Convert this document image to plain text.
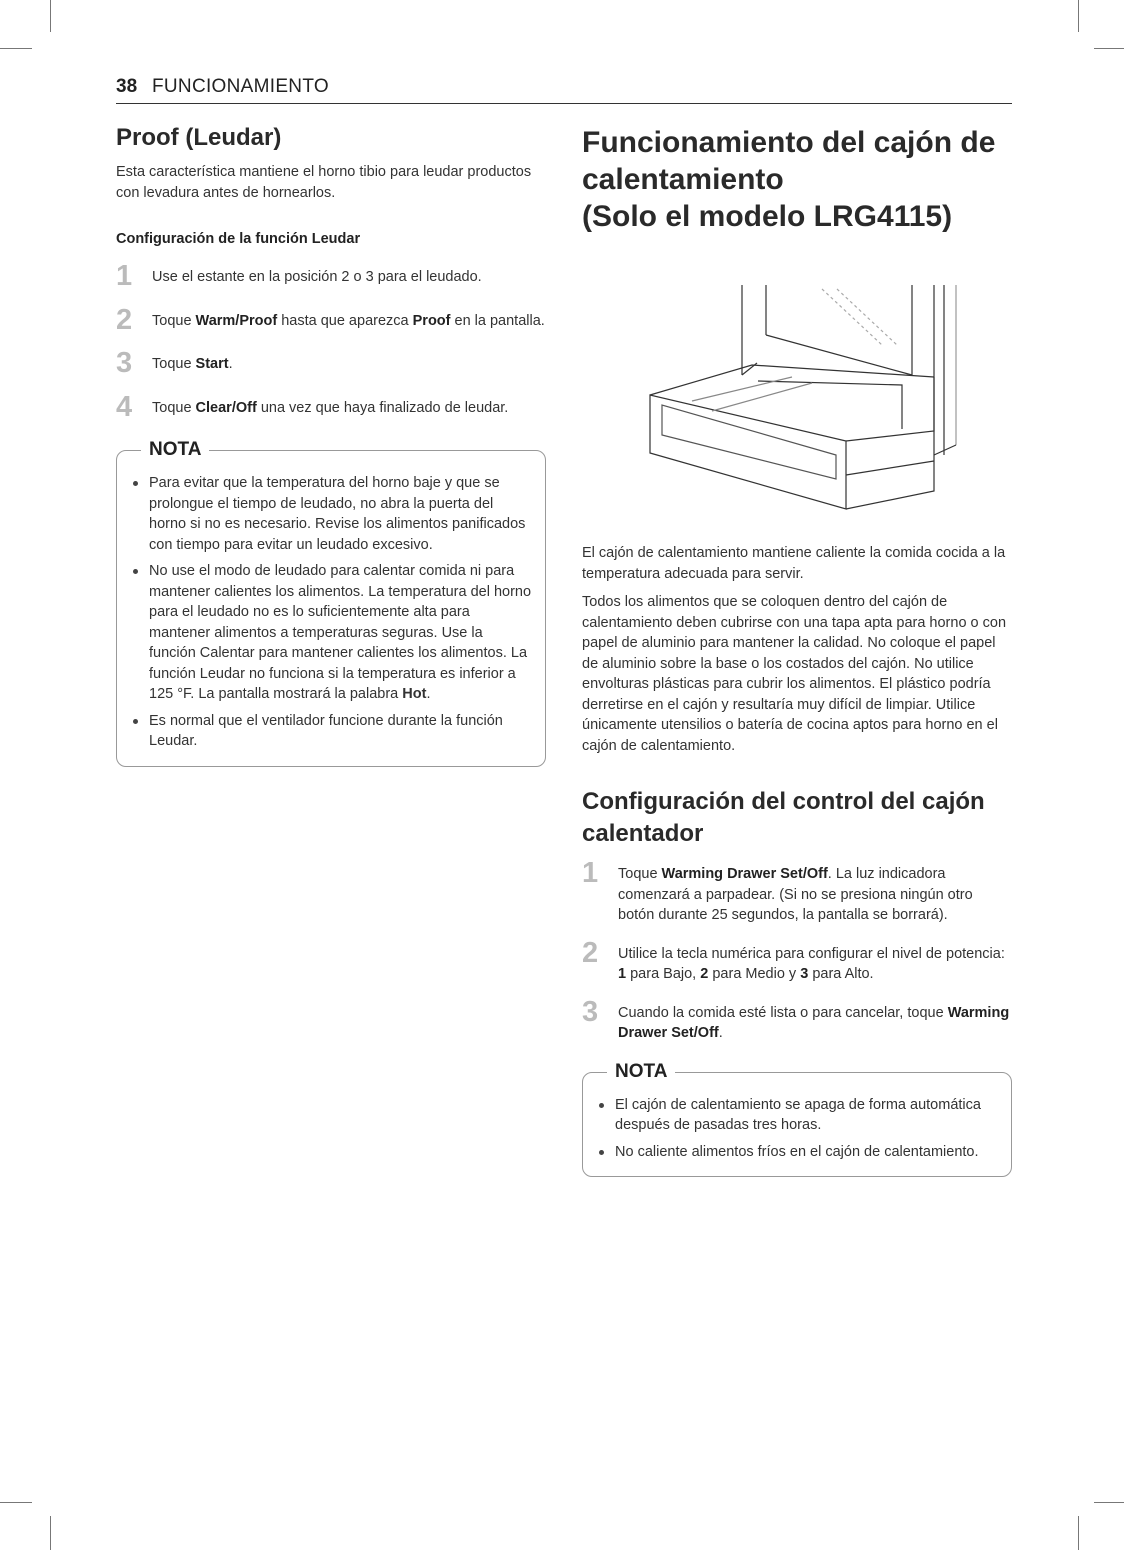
38 FUNCIONAMIENTO
Proof (Leudar)

Esta característica mantiene el horno tibio para leudar productos con levadura antes de hornearlos.

Configuración de la función Leudar
1 Use el estante en la posición 2 o 3 para el leudado.
2 Toque Warm/Proof hasta que aparezca Proof en la pantalla.
3 Toque Start.
4 Toque Clear/Off una vez que haya finalizado de leudar.
NOTA
Para evitar que la temperatura del horno baje y que se prolongue el tiempo de leudado, no abra la puerta del horno si no es necesario. Revise los alimentos panificados con tiempo para evitar un leudado excesivo.
No use el modo de leudado para calentar comida ni para mantener calientes los alimentos. La temperatura del horno para el leudado no es lo suficientemente alta para mantener alimentos a temperaturas seguras. Use la función Calentar para mantener calientes los alimentos. La función Leudar no funciona si la temperatura es inferior a 125 °F. La pantalla mostrará la palabra Hot.
Es normal que el ventilador funcione durante la función Leudar.
Funcionamiento del cajón de
calentamiento
(Solo el modelo LRG4115)

El cajón de calentamiento mantiene caliente la comida cocida a la temperatura adecuada para servir.

Todos los alimentos que se coloquen dentro del cajón de calentamiento deben cubrirse con una tapa apta para horno o con papel de aluminio para mantener la calidad. No coloque el papel de aluminio sobre la base o los costados del cajón. No utilice envolturas plásticas para cubrir los alimentos. El plástico podría derretirse en el cajón y resultaría muy difícil de limpiar. Utilice únicamente utensilios o batería de cocina aptos para horno en el cajón de calentamiento.

Configuración del control del cajón
calentador
1 Toque Warming Drawer Set/Off. La luz indicadora comenzará a parpadear. (Si no se presiona ningún otro botón durante 25 segundos, la pantalla se borrará).
2 Utilice la tecla numérica para configurar el nivel de potencia: 1 para Bajo, 2 para Medio y 3 para Alto.
3 Cuando la comida esté lista o para cancelar, toque Warming Drawer Set/Off.
NOTA
El cajón de calentamiento se apaga de forma automática después de pasadas tres horas.
No caliente alimentos fríos en el cajón de calentamiento.
